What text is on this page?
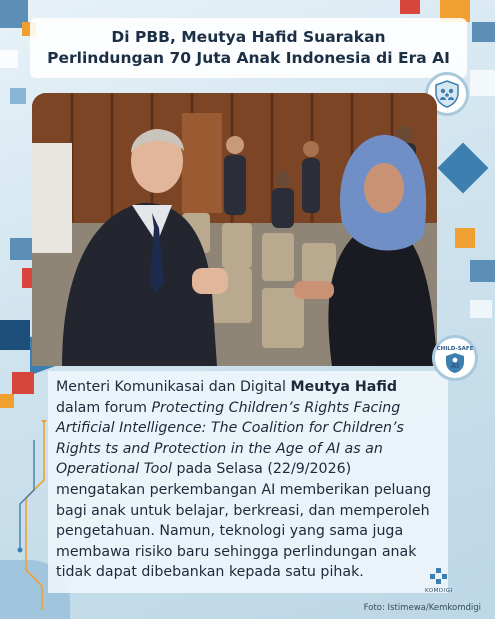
Di PBB, Meutya Hafid Suarakan
Perlindungan 70 Juta Anak Indonesia di Era AI
Menteri Komunikasai dan Digital Meutya Hafid dalam forum Protecting Children’s Rights Facing Artificial Intelligence: The Coalition for Children’s Rights ts and Protection in the Age of AI as an Operational Tool pada Selasa (22/9/2026) mengatakan perkembangan AI memberikan peluang bagi anak untuk belajar, berkreasi, dan memperoleh pengetahuan. Namun, teknologi yang sama juga membawa risiko baru sehingga perlindungan anak tidak dapat dibebankan kepada satu pihak.
CHILD-SAFE
AI
KOMDIGI
Foto: Istimewa/Kemkomdigi
